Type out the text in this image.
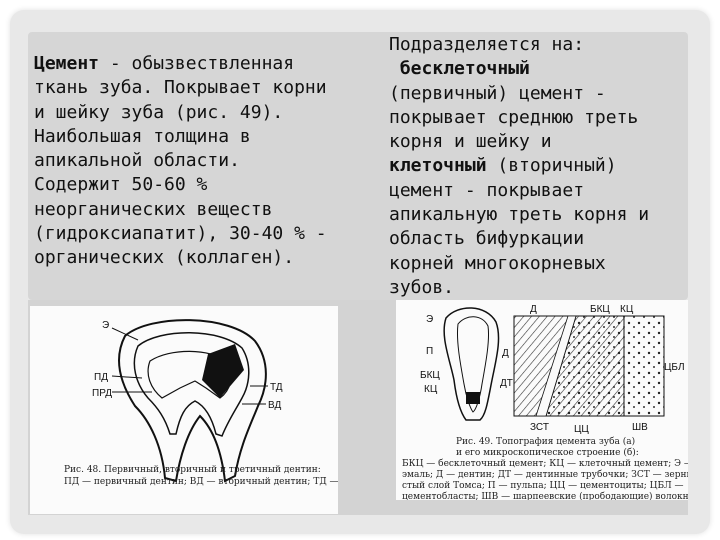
Цемент - обызвествленная
ткань зуба. Покрывает корни
и шейку зуба (рис. 49).
Наибольшая толщина в
апикальной области.
Содержит 50-60 %
неорганических веществ
(гидроксиапатит), 30-40 % -
органических (коллаген).
Подразделяется на:
бесклеточный
(первичный) цемент -
покрывает среднюю треть
корня и шейку и
клеточный (вторичный)
цемент - покрывает
апикальную треть корня и
область бифуркации
корней многокорневых
зубов.
Э
ПД
ПРД
ТД
ВД
Рис. 48. Первичный, вторичный и третичный дентин:
ПД — первичный дентин; ВД — вторичный дентин; ТД —
Э
П	Д
БКЦ
КЦ
ДТ
БКЦ КЦ
Д
ЦБЛ
ЗСТ	ЦЦ	ШВ
Рис. 49. Топография цемента зуба (а)
и его микроскопическое строение (б):
БКЦ — бесклеточный цемент; КЦ — клеточный цемент; Э —
эмаль; Д — дентин; ДТ — дентинные трубочки; ЗСТ — зерни-
стый слой Томса; П — пульпа; ЦЦ — цементоциты; ЦБЛ —
цементобласты; ШВ — шарпеевские (прободающие) волокна
